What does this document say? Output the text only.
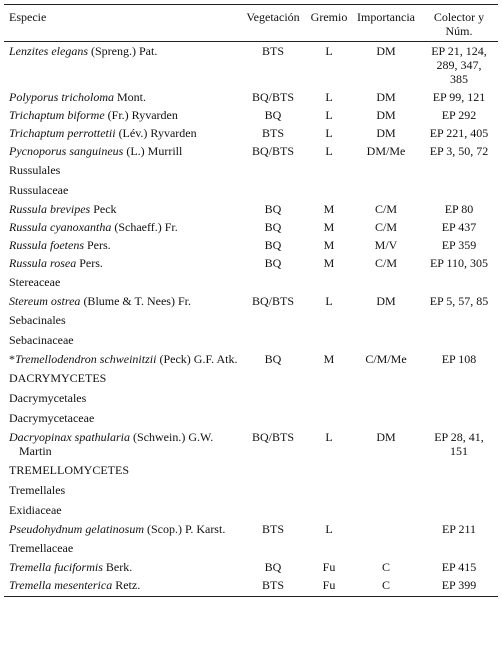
Especie	Vegetación	Gremio	Importancia	Colector y
Núm.

Lenzites elegans (Spreng.) Pat.	BTS	L	DM	EP 21, 124,
289, 347,
385

Polyporus tricholoma Mont.	BQ/BTS	L	DM	EP 99, 121

Trichaptum biforme (Fr.) Ryvarden	BQ	L	DM	EP 292

Trichaptum perrottetii (Lév.) Ryvarden	BTS	L	DM	EP 221, 405

Pycnoporus sanguineus (L.) Murrill	BQ/BTS	L	DM/Me	EP 3, 50, 72

Russulales				
Russulaceae				

Russula brevipes Peck	BQ	M	C/M	EP 80

Russula cyanoxantha (Schaeff.) Fr.	BQ	M	C/M	EP 437

Russula foetens Pers.	BQ	M	M/V	EP 359

Russula rosea Pers.	BQ	M	C/M	EP 110, 305

Stereaceae				

Stereum ostrea (Blume & T. Nees) Fr.	BQ/BTS	L	DM	EP 5, 57, 85

Sebacinales				
Sebacinaceae				

*Tremellodendron schweinitzii (Peck) G.F. Atk.	BQ	M	C/M/Me	EP 108

DACRYMYCETES				
Dacrymycetales				
Dacrymycetaceae				

Dacryopinax spathularia (Schwein.) G.W. Martin	BQ/BTS	L	DM	EP 28, 41,
151

TREMELLOMYCETES				
Tremellales				
Exidiaceae				

Pseudohydnum gelatinosum (Scop.) P. Karst.	BTS	L		EP 211

Tremellaceae				

Tremella fuciformis Berk.	BQ	Fu	C	EP 415

Tremella mesenterica Retz.	BTS	Fu	C	EP 399
